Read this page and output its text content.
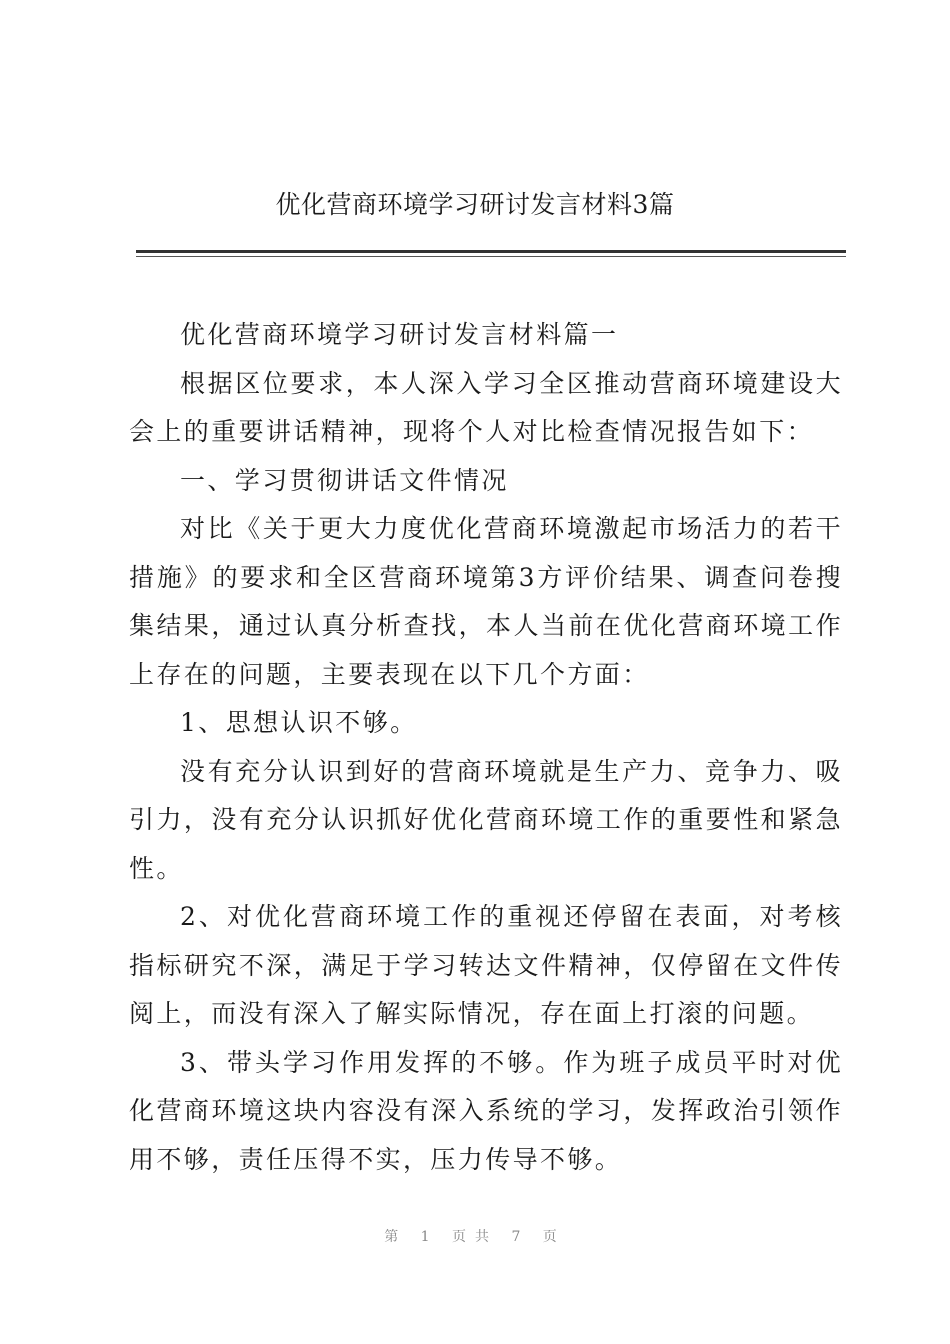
优化营商环境学习研讨发言材料3篇

优化营商环境学习研讨发言材料篇一

根据区位要求，本人深入学习全区推动营商环境建设大会上的重要讲话精神，现将个人对比检查情况报告如下：

一、学习贯彻讲话文件情况

对比《关于更大力度优化营商环境激起市场活力的若干措施》的要求和全区营商环境第3方评价结果、调查问卷搜集结果，通过认真分析查找，本人当前在优化营商环境工作上存在的问题，主要表现在以下几个方面：

1、思想认识不够。

没有充分认识到好的营商环境就是生产力、竞争力、吸引力，没有充分认识抓好优化营商环境工作的重要性和紧急性。

2、对优化营商环境工作的重视还停留在表面，对考核指标研究不深，满足于学习转达文件精神，仅停留在文件传阅上，而没有深入了解实际情况，存在面上打滚的问题。

3、带头学习作用发挥的不够。作为班子成员平时对优化营商环境这块内容没有深入系统的学习，发挥政治引领作用不够，责任压得不实，压力传导不够。

第 1 页共 7 页
